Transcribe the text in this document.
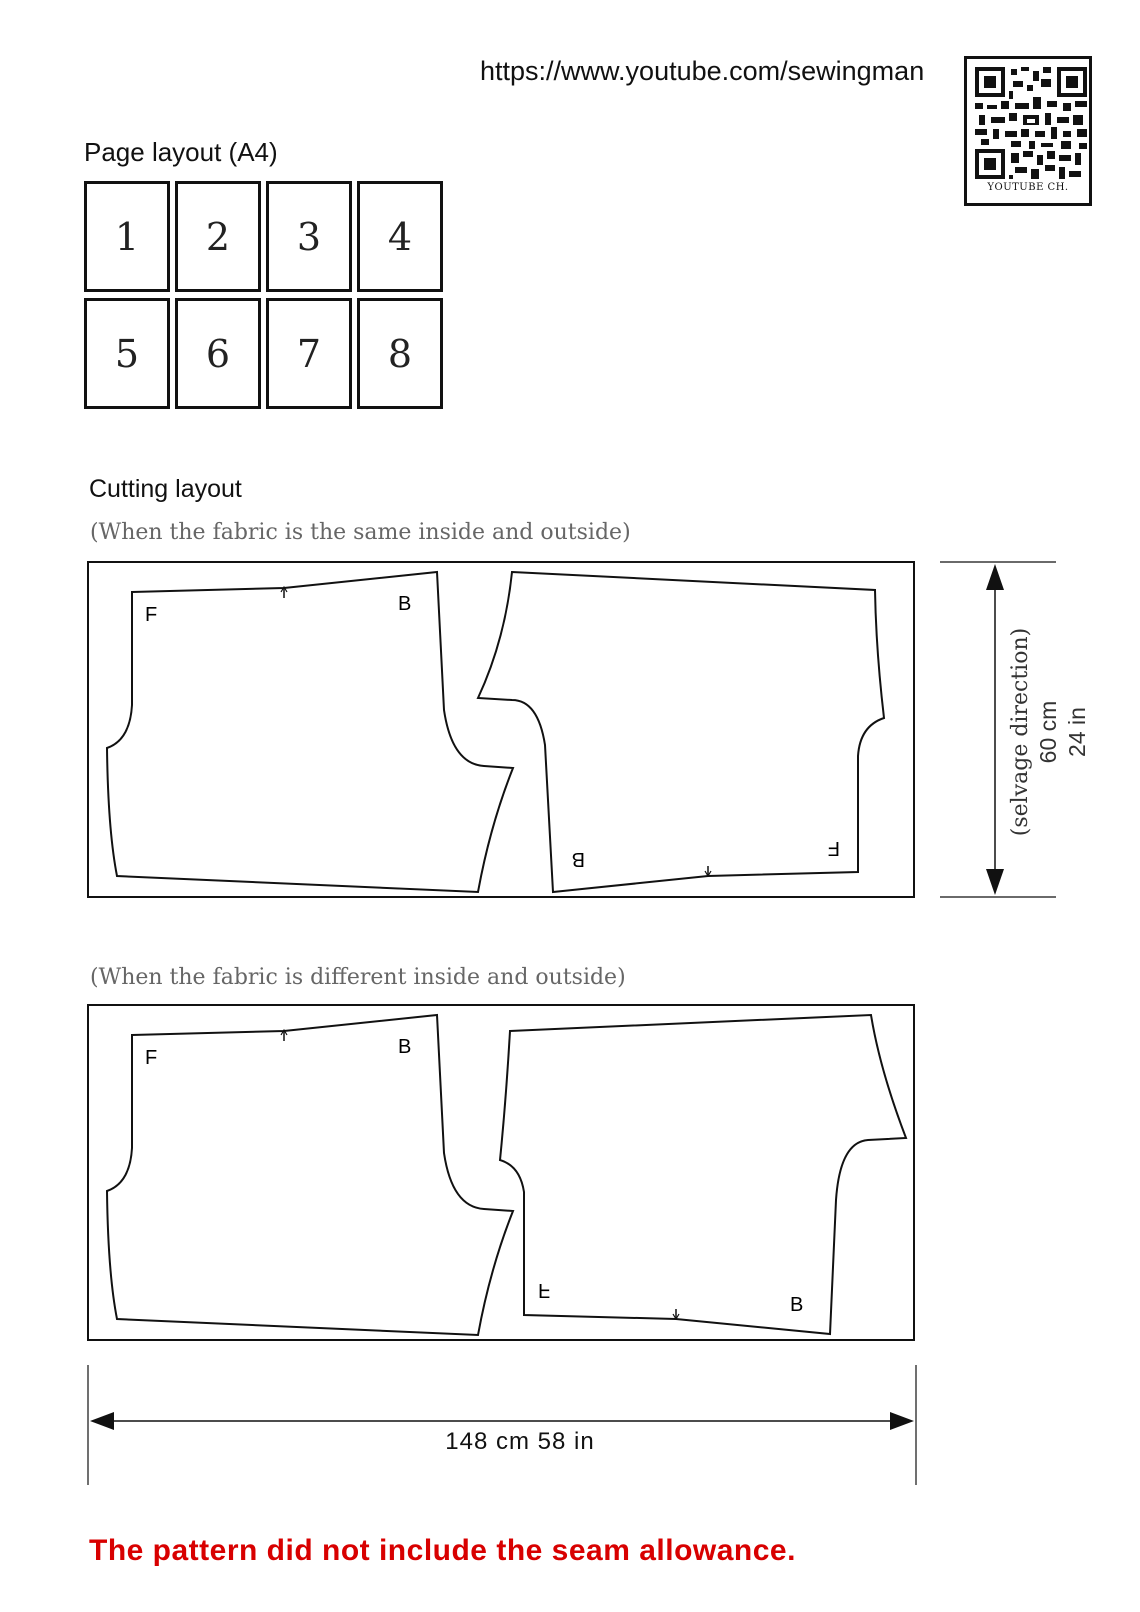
https://www.youtube.com/sewingman
YOUTUBE CH.
Page layout (A4)
1	2	3	4
5	6	7	8
Cutting layout
(When the fabric is the same inside and outside)
F	B
B	F
(selvage direction) 60 cm 24 in
(When the fabric is different inside and outside)
F	B
F
B
148 cm 58 in
The pattern did not include the seam allowance.
